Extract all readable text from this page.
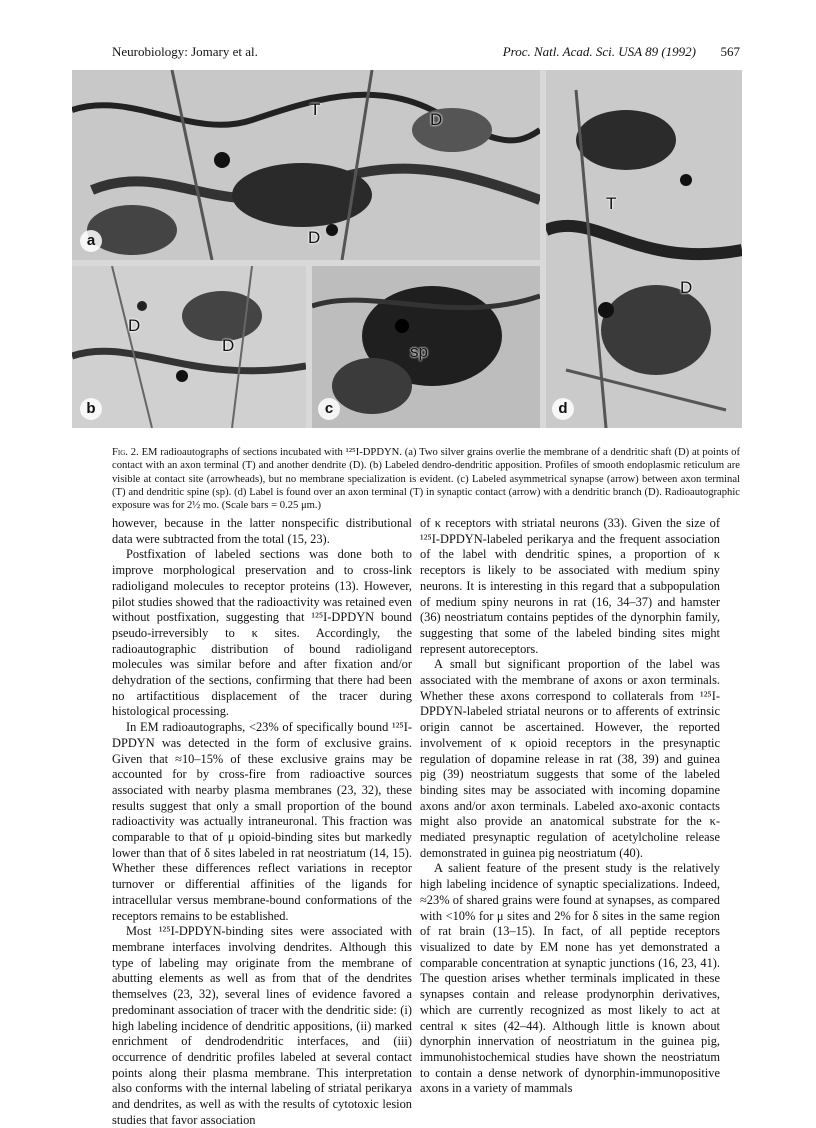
Neurobiology: Jomary et al.	Proc. Natl. Acad. Sci. USA 89 (1992) 567
T
D
D
a
T
D
d
D
D
b
sp
c
Fig. 2. EM radioautographs of sections incubated with ¹²⁵I-DPDYN. (a) Two silver grains overlie the membrane of a dendritic shaft (D) at points of contact with an axon terminal (T) and another dendrite (D). (b) Labeled dendro-dendritic apposition. Profiles of smooth endoplasmic reticulum are visible at contact site (arrowheads), but no membrane specialization is evident. (c) Labeled asymmetrical synapse (arrow) between axon terminal (T) and dendritic spine (sp). (d) Label is found over an axon terminal (T) in synaptic contact (arrow) with a dendritic branch (D). Radioautographic exposure was for 2½ mo. (Scale bars = 0.25 μm.)

however, because in the latter nonspecific distributional data were subtracted from the total (15, 23).

Postfixation of labeled sections was done both to improve morphological preservation and to cross-link radioligand molecules to receptor proteins (13). However, pilot studies showed that the radioactivity was retained even without postfixation, suggesting that ¹²⁵I-DPDYN bound pseudo-irreversibly to κ sites. Accordingly, the radioautographic distribution of bound radioligand molecules was similar before and after fixation and/or dehydration of the sections, confirming that there had been no artifactitious displacement of the tracer during histological processing.

In EM radioautographs, <23% of specifically bound ¹²⁵I-DPDYN was detected in the form of exclusive grains. Given that ≈10–15% of these exclusive grains may be accounted for by cross-fire from radioactive sources associated with nearby plasma membranes (23, 32), these results suggest that only a small proportion of the bound radioactivity was actually intraneuronal. This fraction was comparable to that of μ opioid-binding sites but markedly lower than that of δ sites labeled in rat neostriatum (14, 15). Whether these differences reflect variations in receptor turnover or differential affinities of the ligands for intracellular versus membrane-bound conformations of the receptors remains to be established.

Most ¹²⁵I-DPDYN-binding sites were associated with membrane interfaces involving dendrites. Although this type of labeling may originate from the membrane of abutting elements as well as from that of the dendrites themselves (23, 32), several lines of evidence favored a predominant association of tracer with the dendritic side: (i) high labeling incidence of dendritic appositions, (ii) marked enrichment of dendrodendritic interfaces, and (iii) occurrence of dendritic profiles labeled at several contact points along their plasma membrane. This interpretation also conforms with the internal labeling of striatal perikarya and dendrites, as well as with the results of cytotoxic lesion studies that favor association

of κ receptors with striatal neurons (33). Given the size of ¹²⁵I-DPDYN-labeled perikarya and the frequent association of the label with dendritic spines, a proportion of κ receptors is likely to be associated with medium spiny neurons. It is interesting in this regard that a subpopulation of medium spiny neurons in rat (16, 34–37) and hamster (36) neostriatum contains peptides of the dynorphin family, suggesting that some of the labeled binding sites might represent autoreceptors.

A small but significant proportion of the label was associated with the membrane of axons or axon terminals. Whether these axons correspond to collaterals from ¹²⁵I-DPDYN-labeled striatal neurons or to afferents of extrinsic origin cannot be ascertained. However, the reported involvement of κ opioid receptors in the presynaptic regulation of dopamine release in rat (38, 39) and guinea pig (39) neostriatum suggests that some of the labeled binding sites may be associated with incoming dopamine axons and/or axon terminals. Labeled axo-axonic contacts might also provide an anatomical substrate for the κ-mediated presynaptic regulation of acetylcholine release demonstrated in guinea pig neostriatum (40).

A salient feature of the present study is the relatively high labeling incidence of synaptic specializations. Indeed, ≈23% of shared grains were found at synapses, as compared with <10% for μ sites and 2% for δ sites in the same region of rat brain (13–15). In fact, of all peptide receptors visualized to date by EM none has yet demonstrated a comparable concentration at synaptic junctions (16, 23, 41). The question arises whether terminals implicated in these synapses contain and release prodynorphin derivatives, which are currently recognized as most likely to act at central κ sites (42–44). Although little is known about dynorphin innervation of neostriatum in the guinea pig, immunohistochemical studies have shown the neostriatum to contain a dense network of dynorphin-immunopositive axons in a variety of mammals
